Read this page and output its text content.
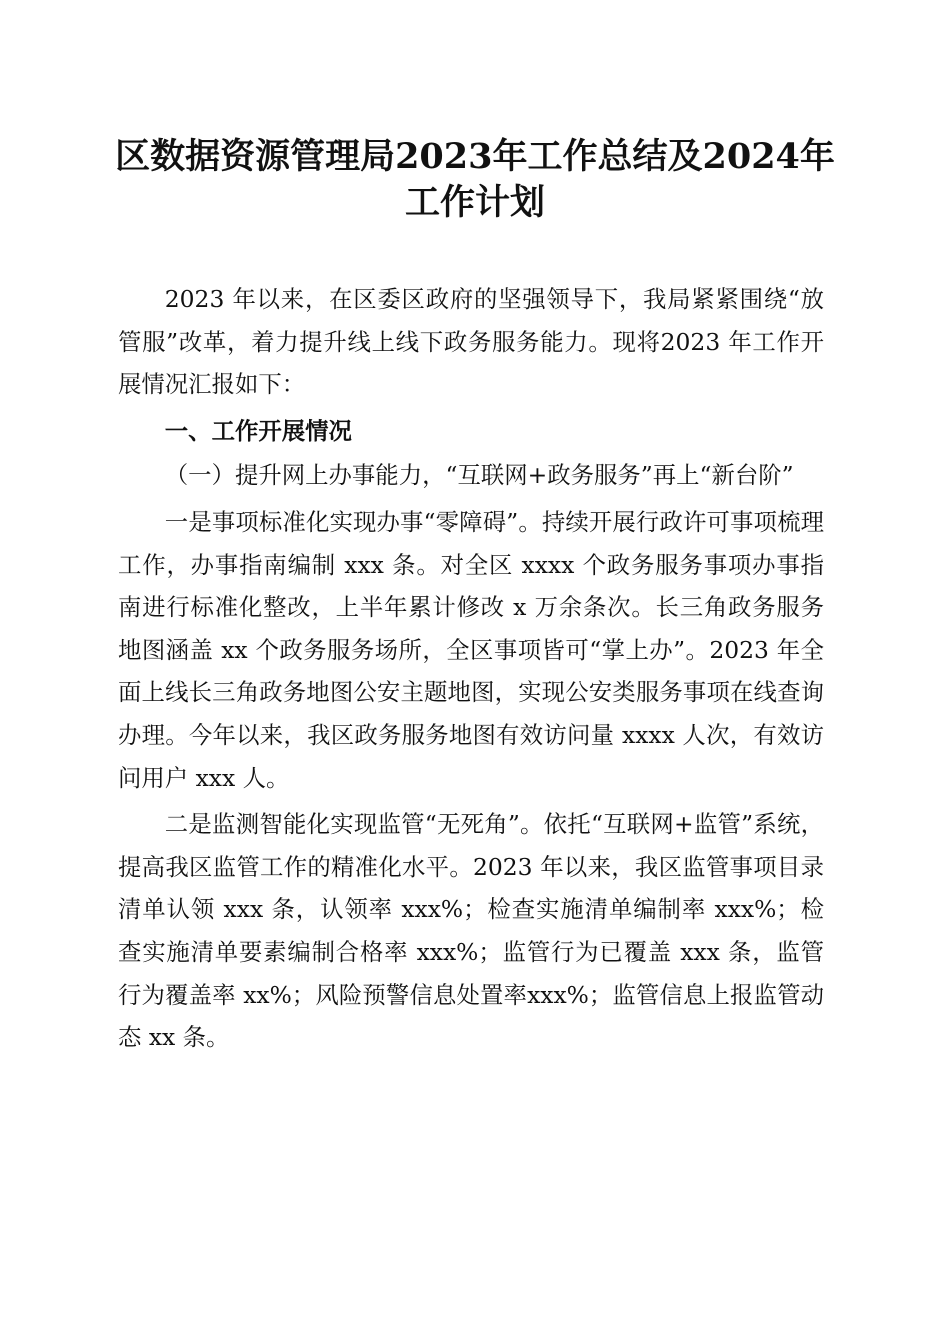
区数据资源管理局2023年工作总结及2024年工作计划

2023 年以来，在区委区政府的坚强领导下，我局紧紧围绕“放管服”改革，着力提升线上线下政务服务能力。现将2023 年工作开展情况汇报如下：

一、工作开展情况

（一）提升网上办事能力，“互联网+政务服务”再上“新台阶”

一是事项标准化实现办事“零障碍”。持续开展行政许可事项梳理工作，办事指南编制 xxx 条。对全区 xxxx 个政务服务事项办事指南进行标准化整改，上半年累计修改 x 万余条次。长三角政务服务地图涵盖 xx 个政务服务场所，全区事项皆可“掌上办”。2023 年全面上线长三角政务地图公安主题地图，实现公安类服务事项在线查询办理。今年以来，我区政务服务地图有效访问量 xxxx 人次，有效访问用户 xxx 人。

二是监测智能化实现监管“无死角”。依托“互联网+监管”系统，提高我区监管工作的精准化水平。2023 年以来，我区监管事项目录清单认领 xxx 条，认领率 xxx%；检查实施清单编制率 xxx%；检查实施清单要素编制合格率 xxx%；监管行为已覆盖 xxx 条，监管行为覆盖率 xx%；风险预警信息处置率xxx%；监管信息上报监管动态 xx 条。
